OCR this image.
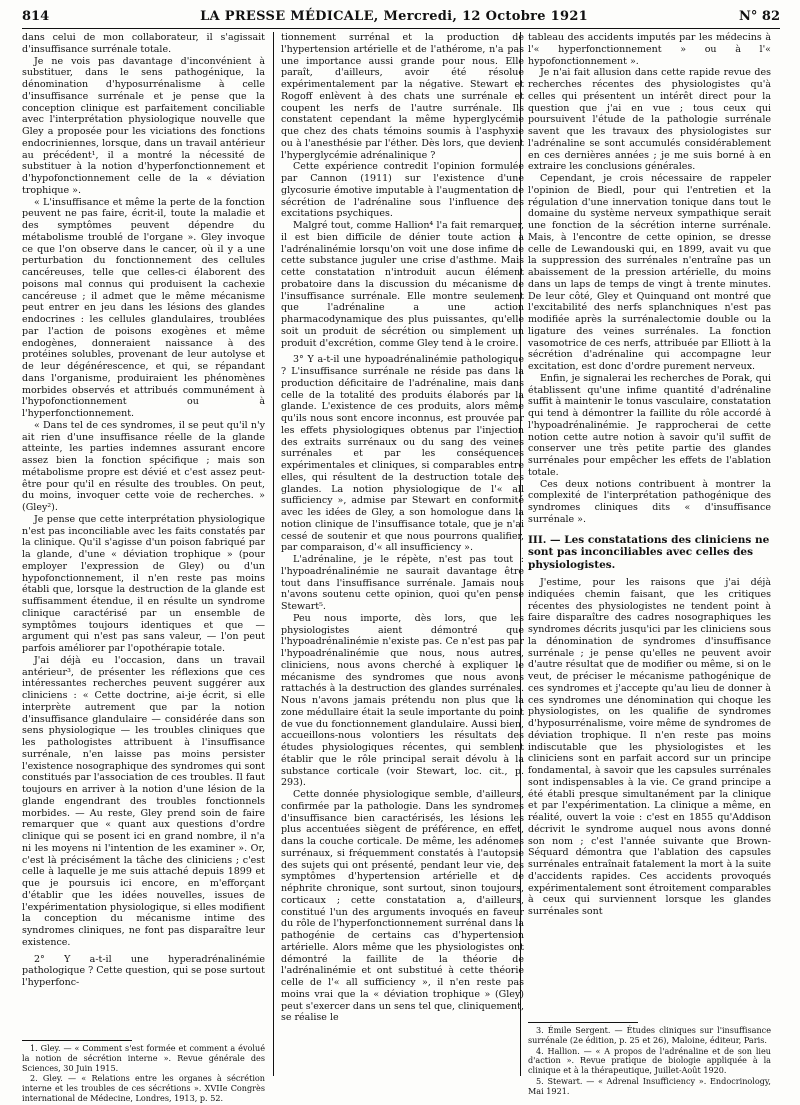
814	LA PRESSE MÉDICALE, Mercredi, 12 Octobre 1921	N° 82

dans celui de mon collaborateur, il s'agissait d'insuffisance surrénale totale.

Je ne vois pas davantage d'inconvénient à substituer, dans le sens pathogénique, la dénomination d'hyposurrénalisme à celle d'insuffisance surrénale et je pense que la conception clinique est parfaitement conciliable avec l'interprétation physiologique nouvelle que Gley a proposée pour les viciations des fonctions endocriniennes, lorsque, dans un travail antérieur au précédent¹, il a montré la nécessité de substituer à la notion d'hyperfonctionnement et d'hypofonctionnement celle de la « déviation trophique ».

« L'insuffisance et même la perte de la fonction peuvent ne pas faire, écrit-il, toute la maladie et des symptômes peuvent dépendre du métabolisme troublé de l'organe ». Gley invoque ce que l'on observe dans le cancer, où il y a une perturbation du fonctionnement des cellules cancéreuses, telle que celles-ci élaborent des poisons mal connus qui produisent la cachexie cancéreuse ; il admet que le même mécanisme peut entrer en jeu dans les lésions des glandes endocrines : les cellules glandulaires, troublées par l'action de poisons exogènes et même endogènes, donneraient naissance à des protéines solubles, provenant de leur autolyse et de leur dégénérescence, et qui, se répandant dans l'organisme, produiraient les phénomènes morbides observés et attribués communément à l'hypofonctionnement ou à l'hyperfonctionnement.

« Dans tel de ces syndromes, il se peut qu'il n'y ait rien d'une insuffisance réelle de la glande atteinte, les parties indemnes assurant encore assez bien la fonction spécifique ; mais son métabolisme propre est dévié et c'est assez peut-être pour qu'il en résulte des troubles. On peut, du moins, invoquer cette voie de recherches. » (Gley²).

Je pense que cette interprétation physiologique n'est pas inconciliable avec les faits constatés par la clinique. Qu'il s'agisse d'un poison fabriqué par la glande, d'une « déviation trophique » (pour employer l'expression de Gley) ou d'un hypofonctionnement, il n'en reste pas moins établi que, lorsque la destruction de la glande est suffisamment étendue, il en résulte un syndrome clinique caractérisé par un ensemble de symptômes toujours identiques et que — argument qui n'est pas sans valeur, — l'on peut parfois améliorer par l'opothérapie totale.

J'ai déjà eu l'occasion, dans un travail antérieur³, de présenter les réflexions que ces intéressantes recherches peuvent suggérer aux cliniciens : « Cette doctrine, ai-je écrit, si elle interprète autrement que par la notion d'insuffisance glandulaire — considérée dans son sens physiologique — les troubles cliniques que les pathologistes attribuent à l'insuffisance surrénale, n'en laisse pas moins persister l'existence nosographique des syndromes qui sont constitués par l'association de ces troubles. Il faut toujours en arriver à la notion d'une lésion de la glande engendrant des troubles fonctionnels morbides. — Au reste, Gley prend soin de faire remarquer que « quant aux questions d'ordre clinique qui se posent ici en grand nombre, il n'a ni les moyens ni l'intention de les examiner ». Or, c'est là précisément la tâche des cliniciens ; c'est celle à laquelle je me suis attaché depuis 1899 et que je poursuis ici encore, en m'efforçant d'établir que les idées nouvelles, issues de l'expérimentation physiologique, si elles modifient la conception du mécanisme intime des syndromes cliniques, ne font pas disparaître leur existence.

2° Y a-t-il une hyperadrénalinémie pathologique ? Cette question, qui se pose surtout l'hyperfonc-

1. Gley. — « Comment s'est formée et comment a évolué la notion de sécrétion interne ». Revue générale des Sciences, 30 Juin 1915.

2. Gley. — « Relations entre les organes à sécrétion interne et les troubles de ces sécrétions ». XVIIe Congrès international de Médecine, Londres, 1913, p. 52.

tionnement surrénal et la production de l'hypertension artérielle et de l'athérome, n'a pas une importance aussi grande pour nous. Elle paraît, d'ailleurs, avoir été résolue expérimentalement par la négative. Stewart et Rogoff enlèvent à des chats une surrénale et coupent les nerfs de l'autre surrénale. Ils constatent cependant la même hyperglycémie que chez des chats témoins soumis à l'asphyxie ou à l'anesthésie par l'éther. Dès lors, que devient l'hyperglycémie adrénalinique ?

Cette expérience contredit l'opinion formulée par Cannon (1911) sur l'existence d'une glycosurie émotive imputable à l'augmentation de sécrétion de l'adrénaline sous l'influence des excitations psychiques.

Malgré tout, comme Hallion⁴ l'a fait remarquer, il est bien difficile de dénier toute action à l'adrénalinémie lorsqu'on voit une dose infime de cette substance juguler une crise d'asthme. Mais cette constatation n'introduit aucun élément probatoire dans la discussion du mécanisme de l'insuffisance surrénale. Elle montre seulement que l'adrénaline a une action pharmacodynamique des plus puissantes, qu'elle soit un produit de sécrétion ou simplement un produit d'excrétion, comme Gley tend à le croire.

3° Y a-t-il une hypoadrénalinémie pathologique ? L'insuffisance surrénale ne réside pas dans la production déficitaire de l'adrénaline, mais dans celle de la totalité des produits élaborés par la glande. L'existence de ces produits, alors même qu'ils nous sont encore inconnus, est prouvée par les effets physiologiques obtenus par l'injection des extraits surrénaux ou du sang des veines surrénales et par les conséquences expérimentales et cliniques, si comparables entre elles, qui résultent de la destruction totale des glandes. La notion physiologique de l'« all sufficiency », admise par Stewart en conformité avec les idées de Gley, a son homologue dans la notion clinique de l'insuffisance totale, que je n'ai cessé de soutenir et que nous pourrons qualifier, par comparaison, d'« all insufficiency ».

L'adrénaline, je le répète, n'est pas tout : l'hypoadrénalinémie ne saurait davantage être tout dans l'insuffisance surrénale. Jamais nous n'avons soutenu cette opinion, quoi qu'en pense Stewart⁵.

Peu nous importe, dès lors, que les physiologistes aient démontré que l'hypoadrénalinémie n'existe pas. Ce n'est pas par l'hypoadrénalinémie que nous, nous autres, cliniciens, nous avons cherché à expliquer le mécanisme des syndromes que nous avons rattachés à la destruction des glandes surrénales. Nous n'avons jamais prétendu non plus que la zone médullaire était la seule importante du point de vue du fonctionnement glandulaire. Aussi bien, accueillons-nous volontiers les résultats des études physiologiques récentes, qui semblent établir que le rôle principal serait dévolu à la substance corticale (voir Stewart, loc. cit., p. 293).

Cette donnée physiologique semble, d'ailleurs, confirmée par la pathologie. Dans les syndromes d'insuffisance bien caractérisés, les lésions les plus accentuées siègent de préférence, en effet, dans la couche corticale. De même, les adénomes surrénaux, si fréquemment constatés à l'autopsie des sujets qui ont présenté, pendant leur vie, des symptômes d'hypertension artérielle et de néphrite chronique, sont surtout, sinon toujours, corticaux ; cette constatation a, d'ailleurs, constitué l'un des arguments invoqués en faveur du rôle de l'hyperfonctionnement surrénal dans la pathogénie de certains cas d'hypertension artérielle. Alors même que les physiologistes ont démontré la faillite de la théorie de l'adrénalinémie et ont substitué à cette théorie celle de l'« all sufficiency », il n'en reste pas moins vrai que la « déviation trophique » (Gley) peut s'exercer dans un sens tel que, cliniquement, se réalise le

tableau des accidents imputés par les médecins à l'« hyperfonctionnement » ou à l'« hypofonctionnement ».

Je n'ai fait allusion dans cette rapide revue des recherches récentes des physiologistes qu'à celles qui présentent un intérêt direct pour la question que j'ai en vue ; tous ceux qui poursuivent l'étude de la pathologie surrénale savent que les travaux des physiologistes sur l'adrénaline se sont accumulés considérablement en ces dernières années ; je me suis borné à en extraire les conclusions générales.

Cependant, je crois nécessaire de rappeler l'opinion de Biedl, pour qui l'entretien et la régulation d'une innervation tonique dans tout le domaine du système nerveux sympathique serait une fonction de la sécrétion interne surrénale. Mais, à l'encontre de cette opinion, se dresse celle de Lewandouski qui, en 1899, avait vu que la suppression des surrénales n'entraîne pas un abaissement de la pression artérielle, du moins dans un laps de temps de vingt à trente minutes. De leur côté, Gley et Quinquand ont montré que l'excitabilité des nerfs splanchniques n'est pas modifiée après la surrénalectomie double ou la ligature des veines surrénales. La fonction vasomotrice de ces nerfs, attribuée par Elliott à la sécrétion d'adrénaline qui accompagne leur excitation, est donc d'ordre purement nerveux.

Enfin, je signalerai les recherches de Porak, qui établissent qu'une infime quantité d'adrénaline suffit à maintenir le tonus vasculaire, constatation qui tend à démontrer la faillite du rôle accordé à l'hypoadrénalinémie. Je rapprocherai de cette notion cette autre notion à savoir qu'il suffit de conserver une très petite partie des glandes surrénales pour empêcher les effets de l'ablation totale.

Ces deux notions contribuent à montrer la complexité de l'interprétation pathogénique des syndromes cliniques dits « d'insuffisance surrénale ».

III. — Les constatations des cliniciens ne sont pas inconciliables avec celles des physiologistes.

J'estime, pour les raisons que j'ai déjà indiquées chemin faisant, que les critiques récentes des physiologistes ne tendent point à faire disparaître des cadres nosographiques les syndromes décrits jusqu'ici par les cliniciens sous la dénomination de syndromes d'insuffisance surrénale ; je pense qu'elles ne peuvent avoir d'autre résultat que de modifier ou même, si on le veut, de préciser le mécanisme pathogénique de ces syndromes et j'accepte qu'au lieu de donner à ces syndromes une dénomination qui choque les physiologistes, on les qualifie de syndromes d'hyposurrénalisme, voire même de syndromes de déviation trophique. Il n'en reste pas moins indiscutable que les physiologistes et les cliniciens sont en parfait accord sur un principe fondamental, à savoir que les capsules surrénales sont indispensables à la vie. Ce grand principe a été établi presque simultanément par la clinique et par l'expérimentation. La clinique a même, en réalité, ouvert la voie : c'est en 1855 qu'Addison décrivit le syndrome auquel nous avons donné son nom ; c'est l'année suivante que Brown-Séquard démontra que l'ablation des capsules surrénales entraînait fatalement la mort à la suite d'accidents rapides. Ces accidents provoqués expérimentalement sont étroitement comparables à ceux qui surviennent lorsque les glandes surrénales sont

3. Émile Sergent. — Études cliniques sur l'insuffisance surrénale (2e édition, p. 25 et 26), Maloine, éditeur, Paris.

4. Hallion. — « A propos de l'adrénaline et de son lieu d'action ». Revue pratique de biologie appliquée à la clinique et à la thérapeutique, Juillet-Août 1920.

5. Stewart. — « Adrenal Insufficiency ». Endocrinology, Mai 1921.
